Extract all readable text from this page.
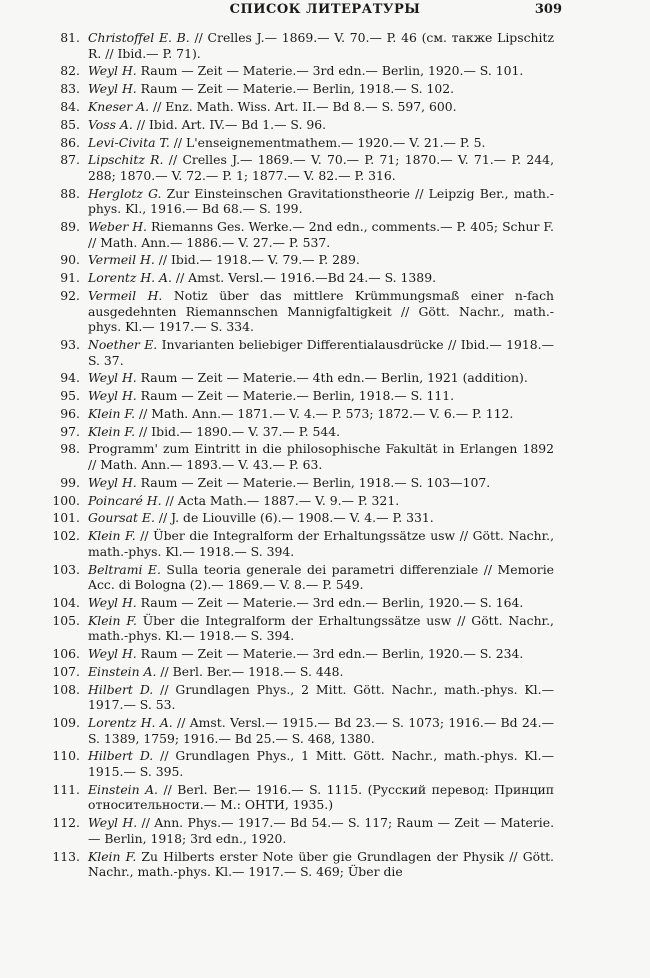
СПИСОК ЛИТЕРАТУРЫ	309
81. Christoffel E. B. // Crelles J.— 1869.— V. 70.— P. 46 (см. также Lipschitz R. // Ibid.— P. 71).
82. Weyl H. Raum — Zeit — Materie.— 3rd edn.— Berlin, 1920.— S. 101.
83. Weyl H. Raum — Zeit — Materie.— Berlin, 1918.— S. 102.
84. Kneser A. // Enz. Math. Wiss. Art. II.— Bd 8.— S. 597, 600.
85. Voss A. // Ibid. Art. IV.— Bd 1.— S. 96.
86. Levi-Civita T. // L'enseignementmathem.— 1920.— V. 21.— P. 5.
87. Lipschitz R. // Crelles J.— 1869.— V. 70.— P. 71; 1870.— V. 71.— P. 244, 288; 1870.— V. 72.— P. 1; 1877.— V. 82.— P. 316.
88. Herglotz G. Zur Einsteinschen Gravitationstheorie // Leipzig Ber., math.-phys. Kl., 1916.— Bd 68.— S. 199.
89. Weber H. Riemanns Ges. Werke.— 2nd edn., comments.— P. 405; Schur F. // Math. Ann.— 1886.— V. 27.— P. 537.
90. Vermeil H. // Ibid.— 1918.— V. 79.— P. 289.
91. Lorentz H. A. // Amst. Versl.— 1916.—Bd 24.— S. 1389.
92. Vermeil H. Notiz über das mittlere Krümmungsmaß einer n-fach ausgedehnten Riemannschen Mannigfaltigkeit // Gött. Nachr., math.-phys. Kl.— 1917.— S. 334.
93. Noether E. Invarianten beliebiger Differentialausdrücke // Ibid.— 1918.— S. 37.
94. Weyl H. Raum — Zeit — Materie.— 4th edn.— Berlin, 1921 (addition).
95. Weyl H. Raum — Zeit — Materie.— Berlin, 1918.— S. 111.
96. Klein F. // Math. Ann.— 1871.— V. 4.— P. 573; 1872.— V. 6.— P. 112.
97. Klein F. // Ibid.— 1890.— V. 37.— P. 544.
98. Programm' zum Eintritt in die philosophische Fakultät in Erlangen 1892 // Math. Ann.— 1893.— V. 43.— P. 63.
99. Weyl H. Raum — Zeit — Materie.— Berlin, 1918.— S. 103—107.
100. Poincaré H. // Acta Math.— 1887.— V. 9.— P. 321.
101. Goursat E. // J. de Liouville (6).— 1908.— V. 4.— P. 331.
102. Klein F. // Über die Integralform der Erhaltungssätze usw // Gött. Nachr., math.-phys. Kl.— 1918.— S. 394.
103. Beltrami E. Sulla teoria generale dei parametri differenziale // Memorie Acc. di Bologna (2).— 1869.— V. 8.— P. 549.
104. Weyl H. Raum — Zeit — Materie.— 3rd edn.— Berlin, 1920.— S. 164.
105. Klein F. Über die Integralform der Erhaltungssätze usw // Gött. Nachr., math.-phys. Kl.— 1918.— S. 394.
106. Weyl H. Raum — Zeit — Materie.— 3rd edn.— Berlin, 1920.— S. 234.
107. Einstein A. // Berl. Ber.— 1918.— S. 448.
108. Hilbert D. // Grundlagen Phys., 2 Mitt. Gött. Nachr., math.-phys. Kl.— 1917.— S. 53.
109. Lorentz H. A. // Amst. Versl.— 1915.— Bd 23.— S. 1073; 1916.— Bd 24.— S. 1389, 1759; 1916.— Bd 25.— S. 468, 1380.
110. Hilbert D. // Grundlagen Phys., 1 Mitt. Gött. Nachr., math.-phys. Kl.— 1915.— S. 395.
111. Einstein A. // Berl. Ber.— 1916.— S. 1115. (Русский перевод: Принцип относительности.— М.: ОНТИ, 1935.)
112. Weyl H. // Ann. Phys.— 1917.— Bd 54.— S. 117; Raum — Zeit — Materie.— Berlin, 1918; 3rd edn., 1920.
113. Klein F. Zu Hilberts erster Note über gie Grundlagen der Physik // Gött. Nachr., math.-phys. Kl.— 1917.— S. 469; Über die
